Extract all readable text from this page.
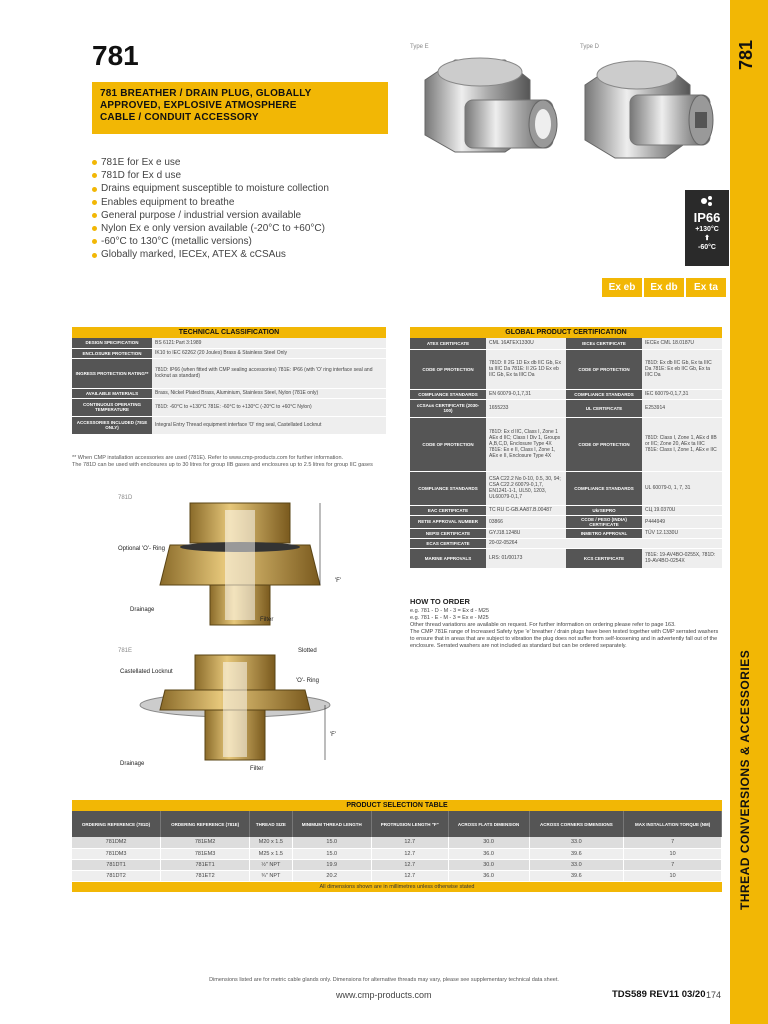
781
THREAD CONVERSIONS & ACCESSORIES
781

781 BREATHER / DRAIN PLUG, GLOBALLY

APPROVED, EXPLOSIVE ATMOSPHERE

CABLE / CONDUIT ACCESSORY

Type E	Type D
781E for Ex e use
781D for Ex d use
Drains equipment susceptible to moisture collection
Enables equipment to breathe
General purpose / industrial version available
Nylon Ex e only version available (-20°C to +60°C)
-60°C to 130°C (metallic versions)
Globally marked, IECEx, ATEX & cCSAus
IP66
+130°C
⬆
-60°C
Ex eb	Ex db	Ex ta
TECHNICAL CLASSIFICATION
DESIGN SPECIFICATION	BS 6121:Part 3:1989
ENCLOSURE PROTECTION	IK10 to IEC 62262 (20 Joules) Brass & Stainless Steel Only
INGRESS PROTECTION RATING**	781D: IP66 (when fitted with CMP sealing accessories) 781E: IP66 (with 'O' ring interface seal and locknut as standard)
AVAILABLE MATERIALS	Brass, Nickel Plated Brass, Aluminium, Stainless Steel, Nylon (781E only)
CONTINUOUS OPERATING TEMPERATURE	781D: -60°C to +130°C 781E: -60°C to +130°C (-20°C to +60°C Nylon)
ACCESSORIES INCLUDED (781E ONLY)	Integral Entry Thread equipment interface 'O' ring seal, Castellated Locknut

** When CMP installation accessories are used (781E). Refer to www.cmp-products.com for further information.

The 781D can be used with enclosures up to 30 litres for group IIB gases and enclosures up to 2.5 litres for group IIC gases

GLOBAL PRODUCT CERTIFICATION
ATEX CERTIFICATE	CML 16ATEX1330U	IECEx CERTIFICATE	IECEx CML 18.0187U
CODE OF PROTECTION	781D: II 2G 1D Ex db IIC Gb, Ex ta IIIC Da 781E: II 2G 1D Ex eb IIC Gb, Ex ta IIIC Da	CODE OF PROTECTION	781D: Ex db IIC Gb, Ex ta IIIC Da 781E: Ex eb IIC Gb, Ex ta IIIC Da
COMPLIANCE STANDARDS	EN 60079-0,1,7,31	COMPLIANCE STANDARDS	IEC 60079-0,1,7,31
cCSAus CERTIFICATE (2030-100)	1655233	UL CERTIFICATE	E253914
CODE OF PROTECTION	781D: Ex d IIC, Class I, Zone 1 AEx d IIC; Class I Div 1, Groups A,B,C,D, Enclosure Type 4X 781E: Ex e II, Class I, Zone 1, AEx e II, Enclosure Type 4X	CODE OF PROTECTION	781D: Class I, Zone 1, AEx d IIB or IIC; Zone 20, AEx ta IIIC 781E: Class I, Zone 1, AEx e IIC
COMPLIANCE STANDARDS	CSA C22.2 No 0-10, 0.5, 30, 94; CSA C22.2 60079-0,1,7, EN1241-1-1, UL50, 1203, UL60079-0,1,7	COMPLIANCE STANDARDS	UL 60079-0, 1, 7, 31
EAC CERTIFICATE	TC RU C-GB.AA87.B.00487	UkrSEPRO	CЦ 19.0370U
RETIE APPROVAL NUMBER	03866	CCOE / PESO (INDIA) CERTIFICATE	P444949
NEPSI CERTIFICATE	GYJ18.1248U	INMETRO APPROVAL	TÜV 12.1330U
ECAS CERTIFICATE	20-02-05264		
MARINE APPROVALS	LRS: 01/00173	KCS CERTIFICATE	781E: 19-AV4BO-0255X, 781D: 19-AV4BO-0254X
HOW TO ORDER

e.g. 781 - D - M - 3 = Ex d - M25

e.g. 781 - E - M - 3 = Ex e - M25

Other thread variations are available on request. For further information on ordering please refer to page 163.

The CMP 781E range of Increased Safety type 'e' breather / drain plugs have been tested together with CMP serrated washers to ensure that in areas that are subject to vibration the plug does not suffer from self-loosening and in advertently fall out of the enclosure. Serrated washers are not included as standard but can be ordered separately.

781D
Optional 'O'- Ring
'F'
Drainage
Filter
781E	Slotted
Castellated Locknut
'O'- Ring
'F'
Drainage
Filter
PRODUCT SELECTION TABLE
ORDERING REFERENCE (781D)	ORDERING REFERENCE (781E)	THREAD SIZE	MINIMUM THREAD LENGTH	PROTRUSION LENGTH "F"	ACROSS FLATS DIMENSION	ACROSS CORNERS DIMENSIONS	MAX INSTALLATION TORQUE (NM)
781DM2	781EM2	M20 x 1.5	15.0	12.7	30.0	33.0	7
781DM3	781EM3	M25 x 1.5	15.0	12.7	36.0	39.6	10
781DT1	781ET1	½" NPT	19.9	12.7	30.0	33.0	7
781DT2	781ET2	¾" NPT	20.2	12.7	36.0	39.6	10
All dimensions shown are in millimetres unless otherwise stated
Dimensions listed are for metric cable glands only. Dimensions for alternative threads may vary, please see supplementary technical data sheet.
www.cmp-products.com	TDS589 REV11 03/20 174
